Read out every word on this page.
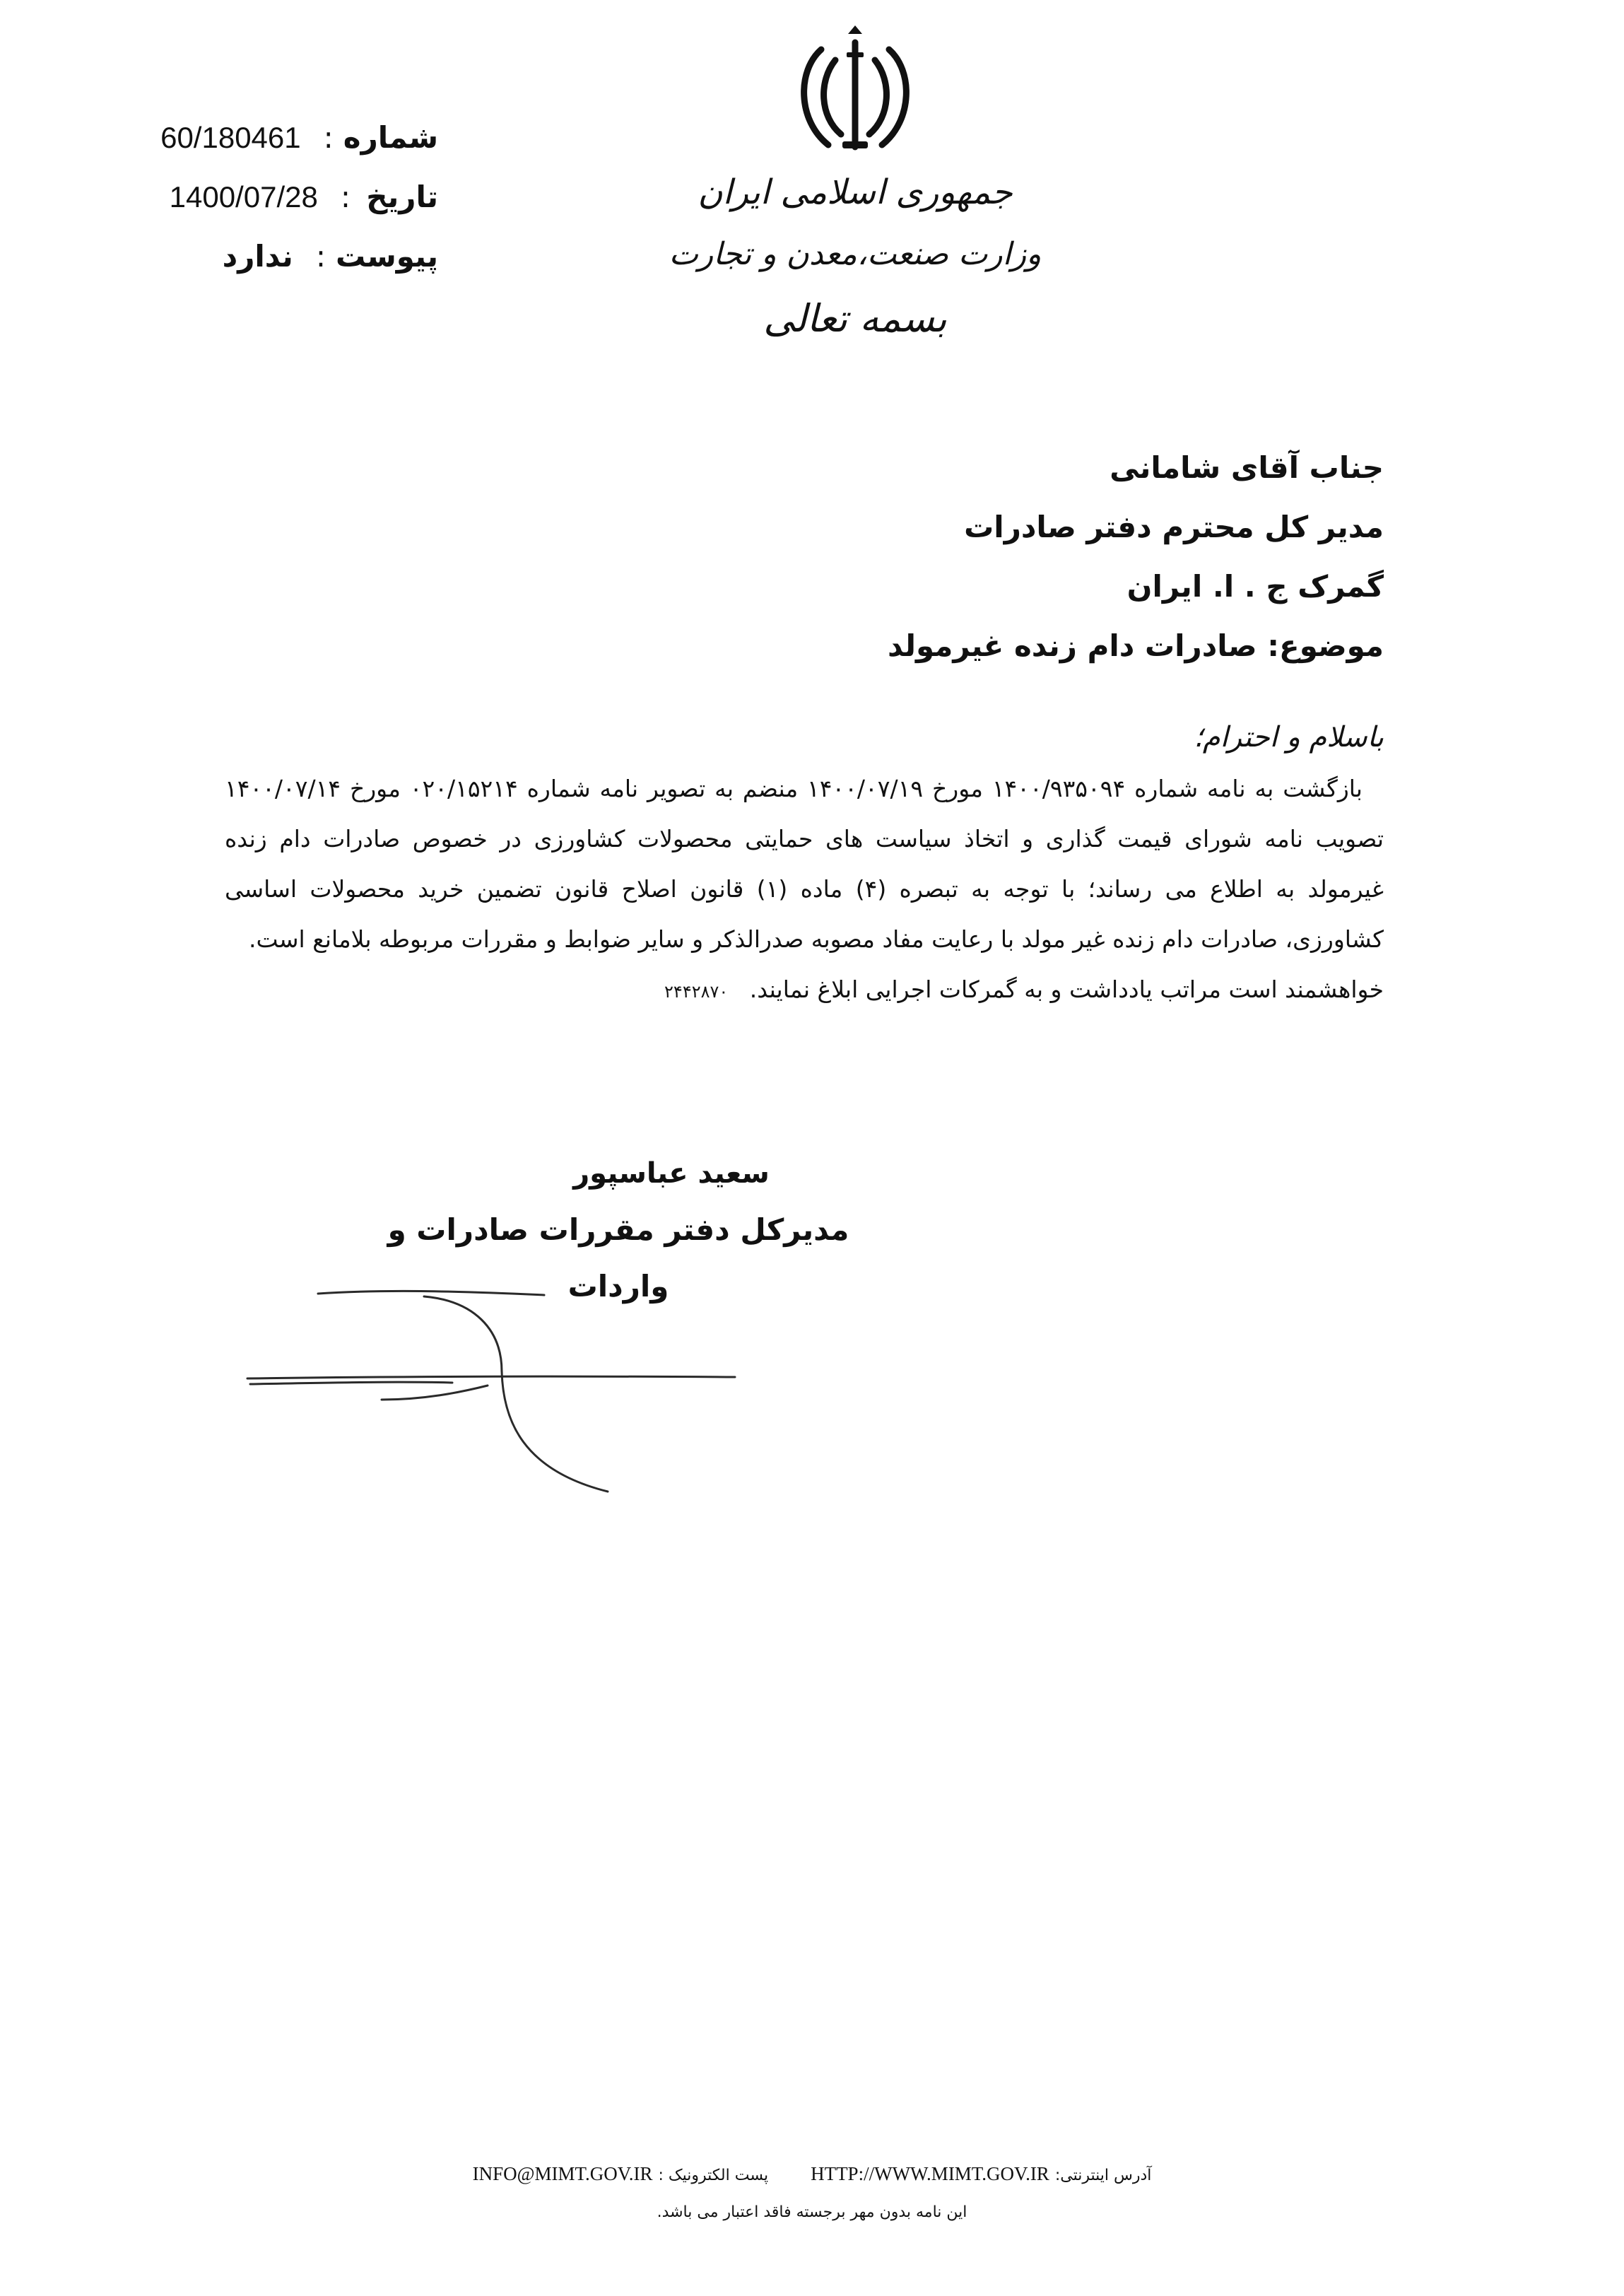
60/180461 : شماره
1400/07/28 : تاریخ
ندارد : پیوست

جمهوری اسلامی ایران

وزارت صنعت،معدن و تجارت

بسمه تعالی

جناب آقای شامانی
مدیر کل محترم دفتر صادرات
گمرک ج . ا. ایران
موضوع: صادرات دام زنده غیرمولد
باسلام و احترام؛
بازگشت به نامه شماره ۱۴۰۰/۹۳۵۰۹۴ مورخ ۱۴۰۰/۰۷/۱۹ منضم به تصویر نامه شماره ۰۲۰/۱۵۲۱۴ مورخ ۱۴۰۰/۰۷/۱۴ تصویب نامه شورای قیمت گذاری و اتخاذ سیاست های حمایتی محصولات کشاورزی در خصوص صادرات دام زنده غیرمولد به اطلاع می رساند؛ با توجه به تبصره (۴) ماده (۱) قانون اصلاح قانون تضمین خرید محصولات اساسی کشاورزی، صادرات دام زنده غیر مولد با رعایت مفاد مصوبه صدرالذکر و سایر ضوابط و مقررات مربوطه بلامانع است.
خواهشمند است مراتب یادداشت و به گمرکات اجرایی ابلاغ نمایند. ۲۴۴۲۸۷۰
سعید عباسپور
مدیرکل دفتر مقررات صادرات و واردات
INFO@MIMT.GOV.IR پست الکترونیک : HTTP://WWW.MIMT.GOV.IR آدرس اینترنتی:
این نامه بدون مهر برجسته فاقد اعتبار می باشد.
